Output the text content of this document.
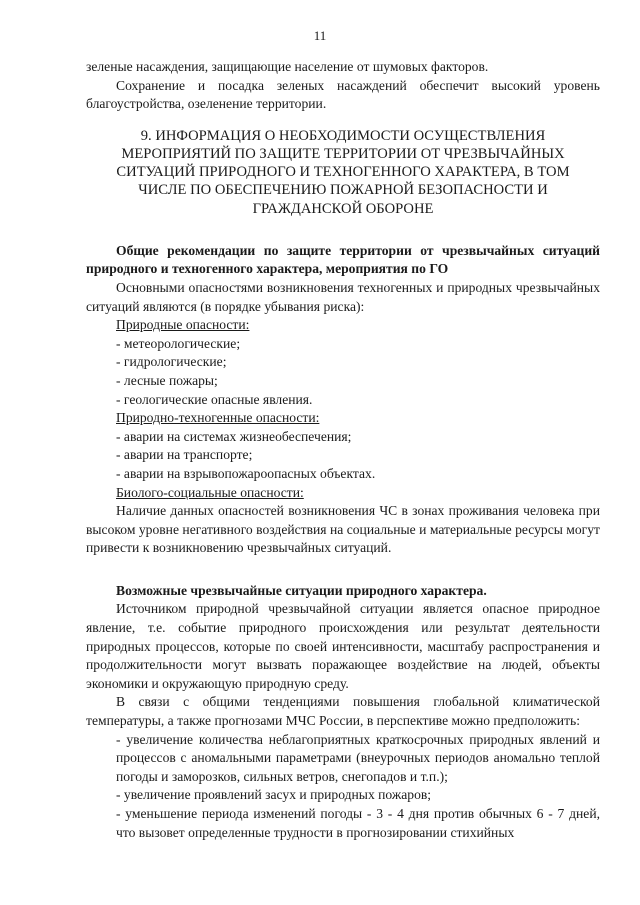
11

зеленые насаждения, защищающие население от шумовых факторов.

Сохранение и посадка зеленых насаждений обеспечит высокий уровень благоустройства, озеленение территории.

9. ИНФОРМАЦИЯ О НЕОБХОДИМОСТИ ОСУЩЕСТВЛЕНИЯ МЕРОПРИЯТИЙ ПО ЗАЩИТЕ ТЕРРИТОРИИ ОТ ЧРЕЗВЫЧАЙНЫХ СИТУАЦИЙ ПРИРОДНОГО И ТЕХНОГЕННОГО ХАРАКТЕРА, В ТОМ ЧИСЛЕ ПО ОБЕСПЕЧЕНИЮ ПОЖАРНОЙ БЕЗОПАСНОСТИ И ГРАЖДАНСКОЙ ОБОРОНЕ

Общие рекомендации по защите территории от чрезвычайных ситуаций природного и техногенного характера, мероприятия по ГО

Основными опасностями возникновения техногенных и природных чрезвычайных ситуаций являются (в порядке убывания риска):

Природные опасности:

- метеорологические;
- гидрологические;
- лесные пожары;
- геологические опасные явления.

Природно-техногенные опасности:

- аварии на системах жизнеобеспечения;
- аварии на транспорте;
- аварии на взрывопожароопасных объектах.

Биолого-социальные опасности:

Наличие данных опасностей возникновения ЧС в зонах проживания человека при высоком уровне негативного воздействия на социальные и материальные ресурсы могут привести к возникновению чрезвычайных ситуаций.

Возможные чрезвычайные ситуации природного характера.

Источником природной чрезвычайной ситуации является опасное природное явление, т.е. событие природного происхождения или результат деятельности природных процессов, которые по своей интенсивности, масштабу распространения и продолжительности могут вызвать поражающее воздействие на людей, объекты экономики и окружающую природную среду.

В связи с общими тенденциями повышения глобальной климатической температуры, а также прогнозами МЧС России, в перспективе можно предположить:

- увеличение количества неблагоприятных краткосрочных природных явлений и процессов с аномальными параметрами (внеурочных периодов аномально теплой погоды и заморозков, сильных ветров, снегопадов и т.п.);
- увеличение проявлений засух и природных пожаров;
- уменьшение периода изменений погоды - 3 - 4 дня против обычных 6 - 7 дней, что вызовет определенные трудности в прогнозировании стихийных
